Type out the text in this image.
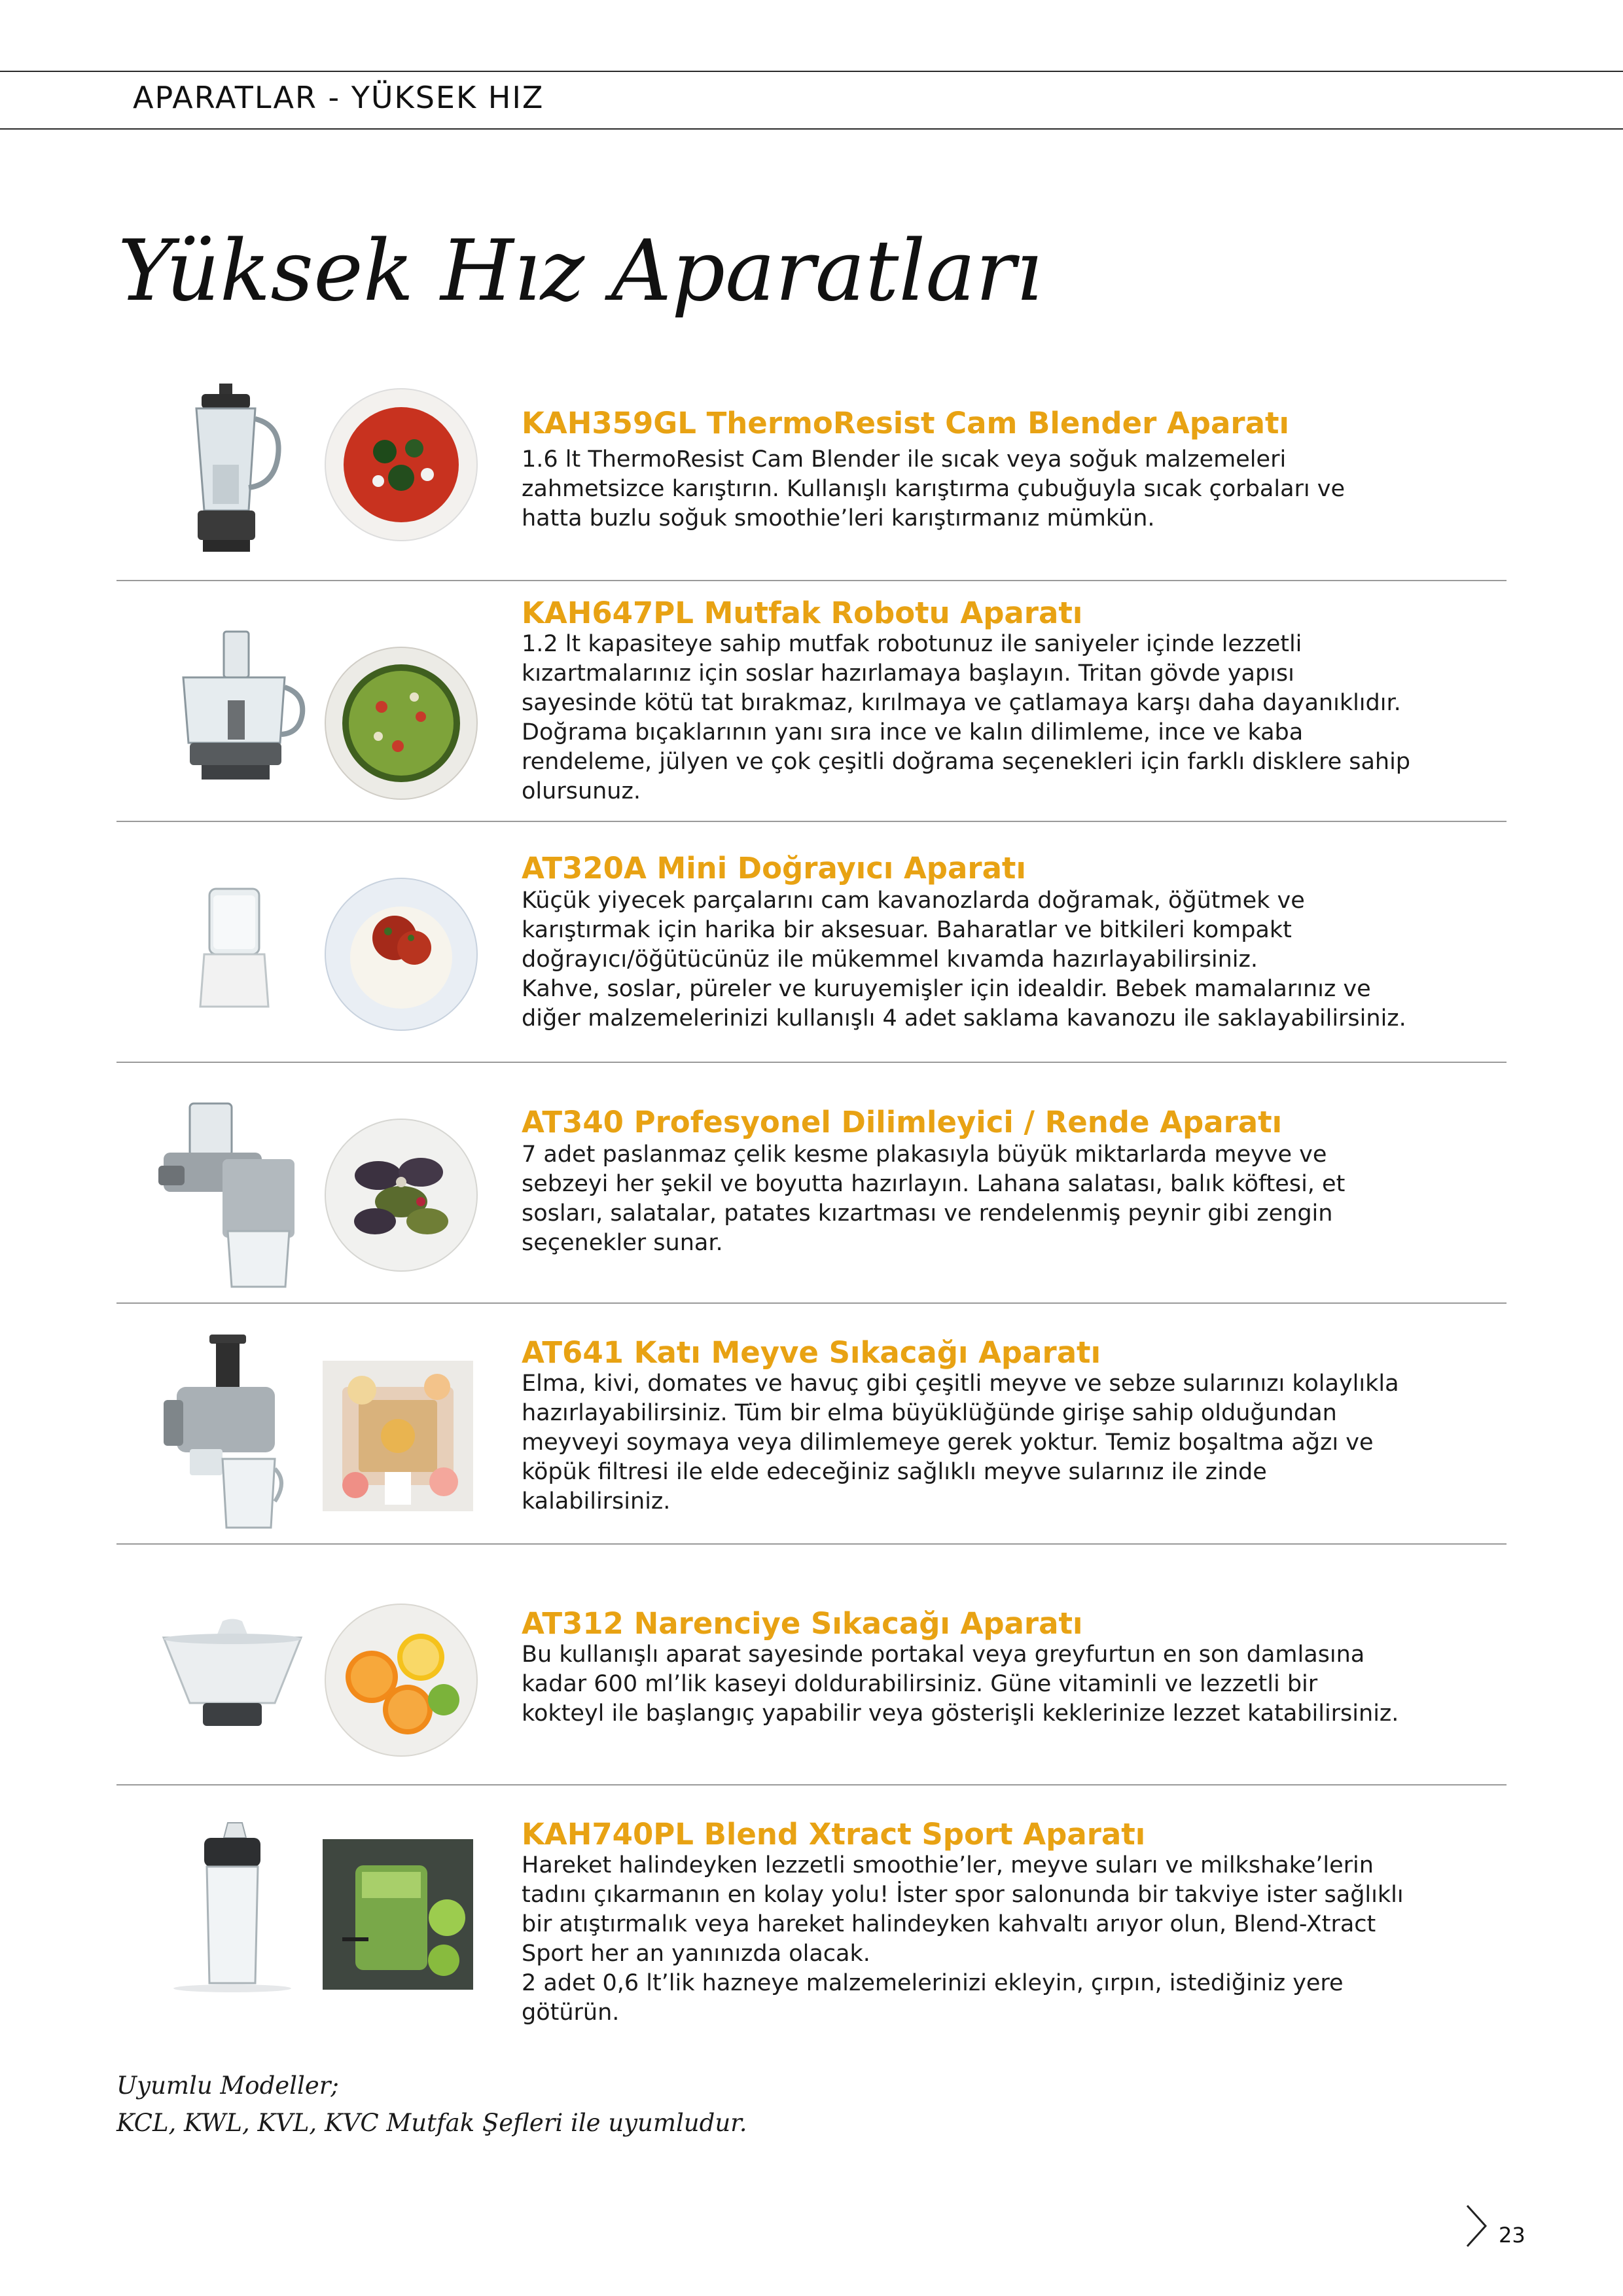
APARATLAR - YÜKSEK HIZ
Yüksek Hız Aparatları
KAH359GL ThermoResist Cam Blender Aparatı

1.6 lt ThermoResist Cam Blender ile sıcak veya soğuk malzemeleri

zahmetsizce karıştırın. Kullanışlı karıştırma çubuğuyla sıcak çorbaları ve

hatta buzlu soğuk smoothie’leri karıştırmanız mümkün.

KAH647PL Mutfak Robotu Aparatı

1.2 lt kapasiteye sahip mutfak robotunuz ile saniyeler içinde lezzetli

kızartmalarınız için soslar hazırlamaya başlayın. Tritan gövde yapısı

sayesinde kötü tat bırakmaz, kırılmaya ve çatlamaya karşı daha dayanıklıdır.

Doğrama bıçaklarının yanı sıra ince ve kalın dilimleme, ince ve kaba

rendeleme, jülyen ve çok çeşitli doğrama seçenekleri için farklı disklere sahip

olursunuz.

AT320A Mini Doğrayıcı Aparatı

Küçük yiyecek parçalarını cam kavanozlarda doğramak, öğütmek ve

karıştırmak için harika bir aksesuar. Baharatlar ve bitkileri kompakt

doğrayıcı/öğütücünüz ile mükemmel kıvamda hazırlayabilirsiniz.

Kahve, soslar, püreler ve kuruyemişler için idealdir. Bebek mamalarınız ve

diğer malzemelerinizi kullanışlı 4 adet saklama kavanozu ile saklayabilirsiniz.

AT340 Profesyonel Dilimleyici / Rende Aparatı

7 adet paslanmaz çelik kesme plakasıyla büyük miktarlarda meyve ve

sebzeyi her şekil ve boyutta hazırlayın. Lahana salatası, balık köftesi, et

sosları, salatalar, patates kızartması ve rendelenmiş peynir gibi zengin

seçenekler sunar.

AT641 Katı Meyve Sıkacağı Aparatı

Elma, kivi, domates ve havuç gibi çeşitli meyve ve sebze sularınızı kolaylıkla

hazırlayabilirsiniz. Tüm bir elma büyüklüğünde girişe sahip olduğundan

meyveyi soymaya veya dilimlemeye gerek yoktur. Temiz boşaltma ağzı ve

köpük filtresi ile elde edeceğiniz sağlıklı meyve sularınız ile zinde

kalabilirsiniz.

AT312 Narenciye Sıkacağı Aparatı

Bu kullanışlı aparat sayesinde portakal veya greyfurtun en son damlasına

kadar 600 ml’lik kaseyi doldurabilirsiniz. Güne vitaminli ve lezzetli bir

kokteyl ile başlangıç yapabilir veya gösterişli keklerinize lezzet katabilirsiniz.

KAH740PL Blend Xtract Sport Aparatı

Hareket halindeyken lezzetli smoothie’ler, meyve suları ve milkshake’lerin

tadını çıkarmanın en kolay yolu! İster spor salonunda bir takviye ister sağlıklı

bir atıştırmalık veya hareket halindeyken kahvaltı arıyor olun, Blend-Xtract

Sport her an yanınızda olacak.

2 adet 0,6 lt’lik hazneye malzemelerinizi ekleyin, çırpın, istediğiniz yere

götürün.

Uyumlu Modeller;
KCL, KWL, KVL, KVC Mutfak Şefleri ile uyumludur.
23
